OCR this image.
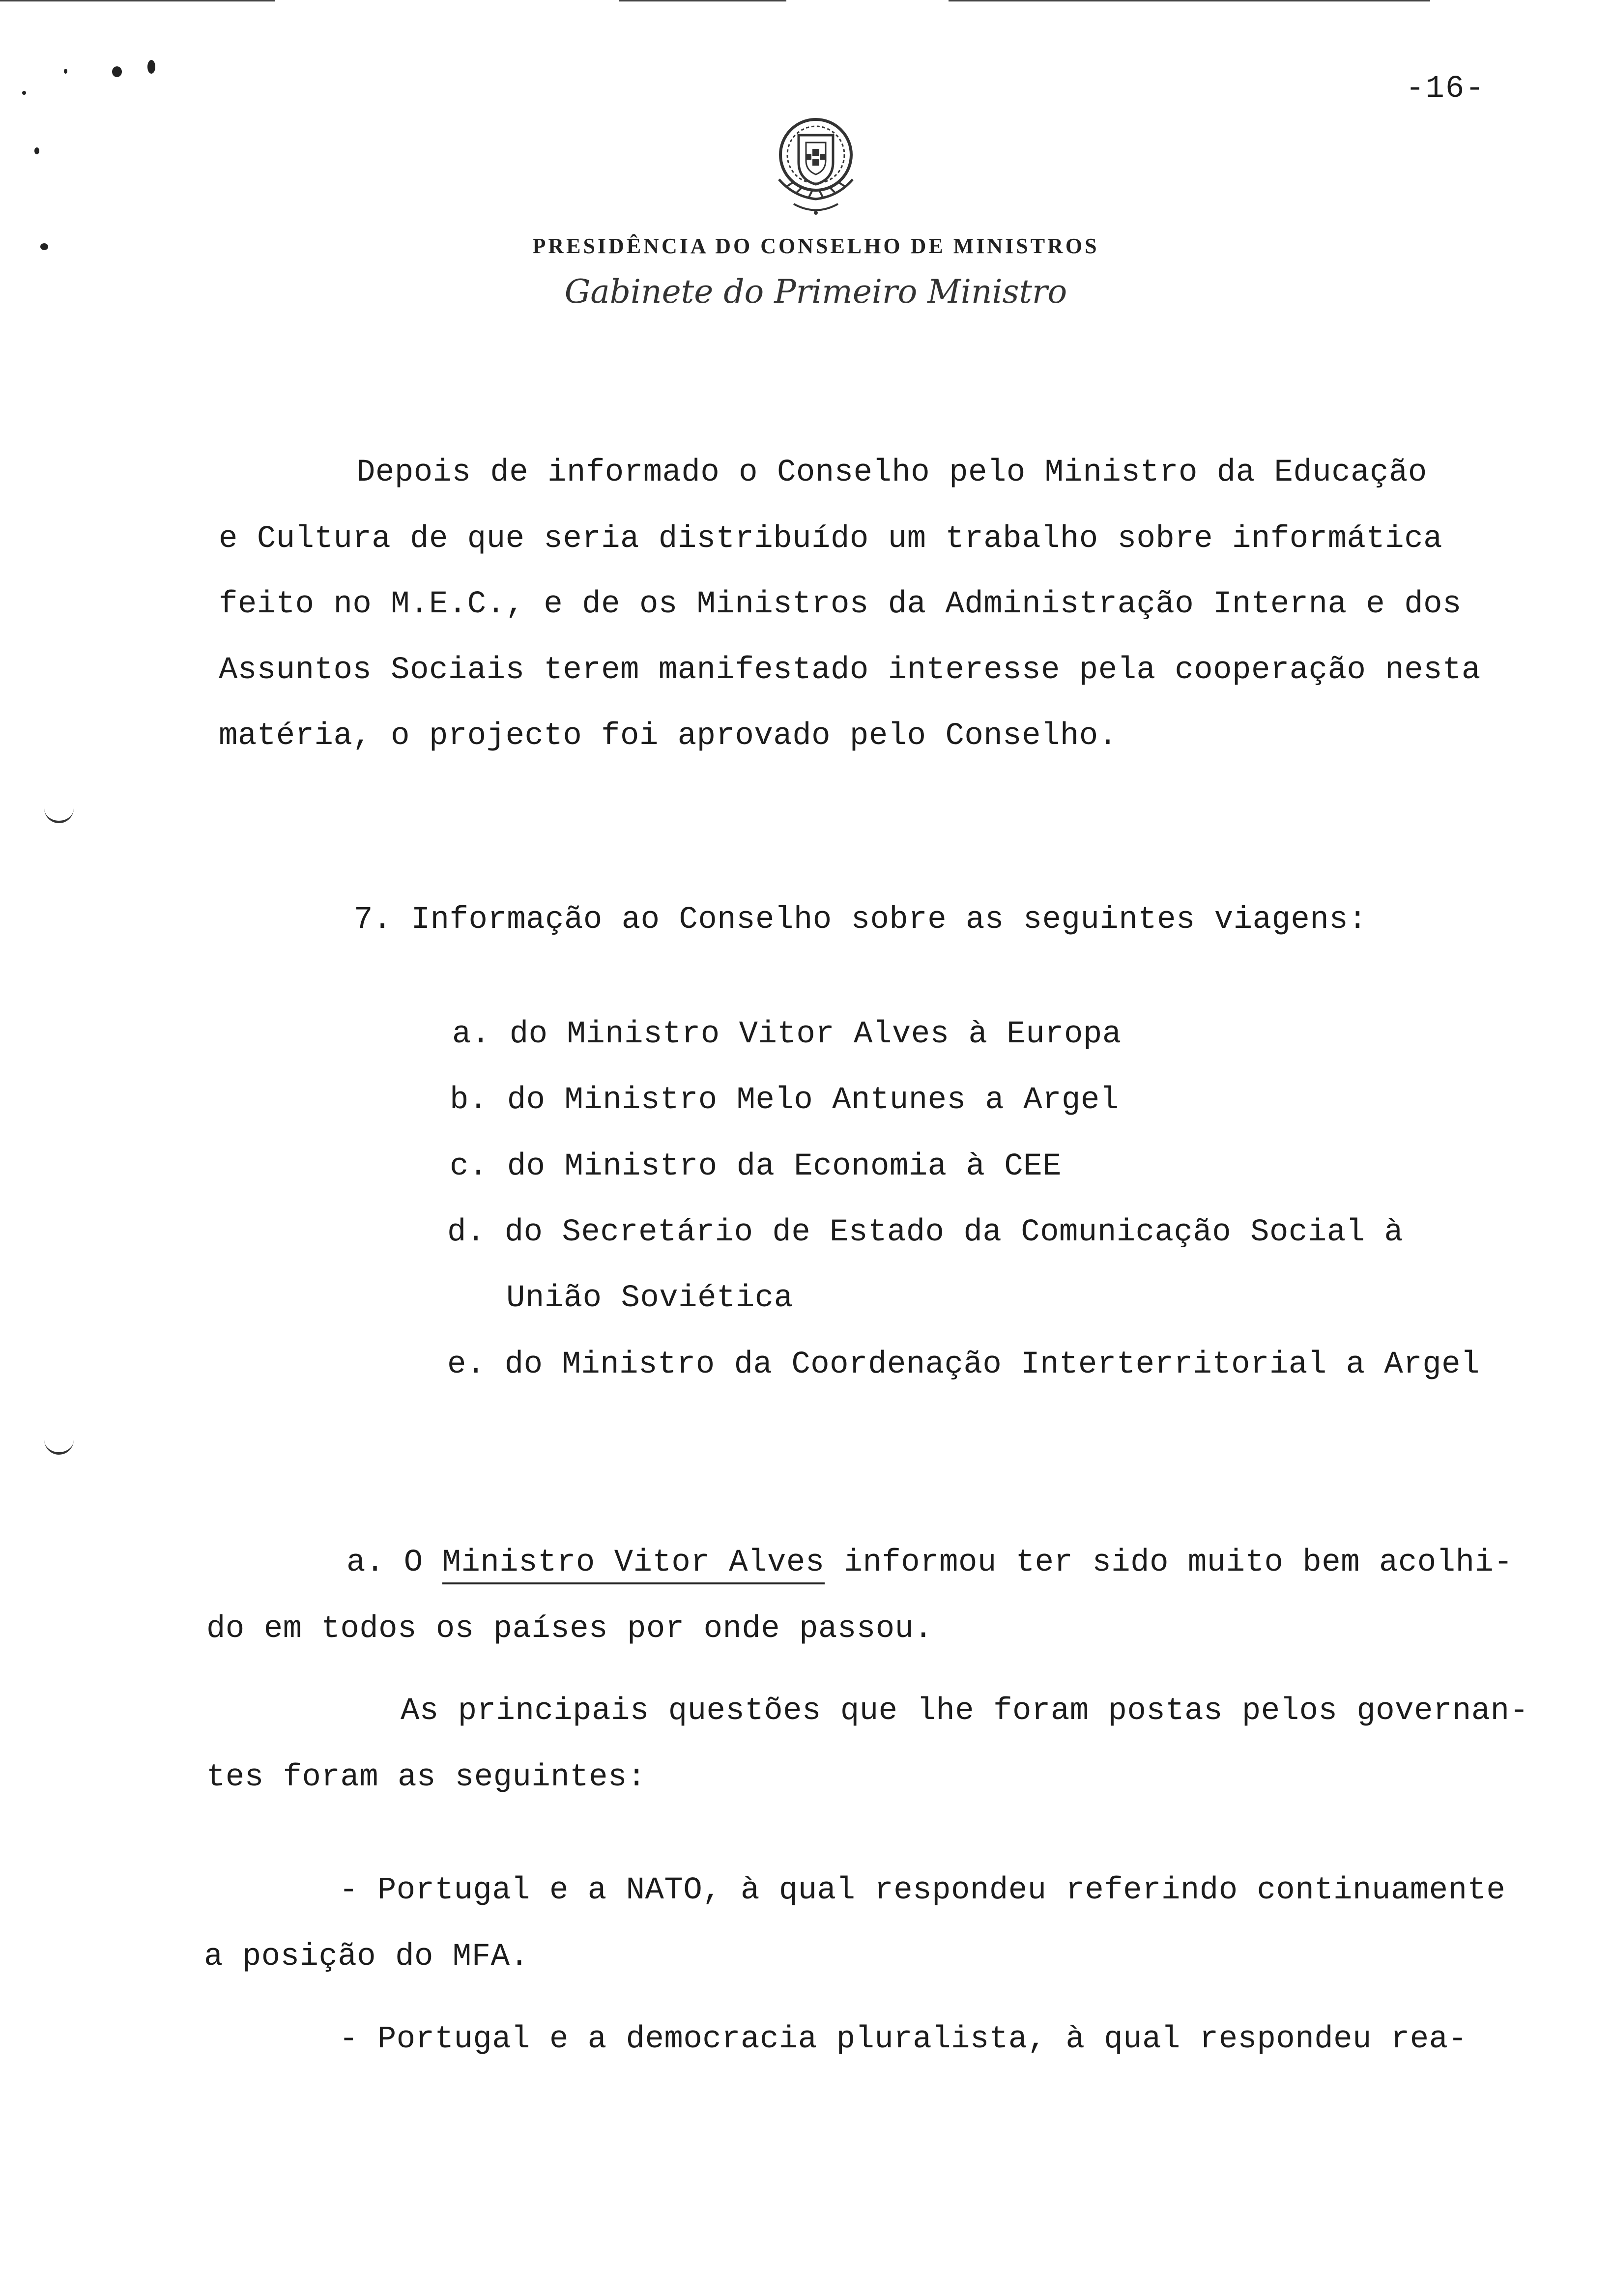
-16-
PRESIDÊNCIA DO CONSELHO DE MINISTROS
Gabinete do Primeiro Ministro
Depois de informado o Conselho pelo Ministro da Educação
e Cultura de que seria distribuído um trabalho sobre informática
feito no M.E.C., e de os Ministros da Administração Interna e dos
Assuntos Sociais terem manifestado interesse pela cooperação nesta
matéria, o projecto foi aprovado pelo Conselho.
7. Informação ao Conselho sobre as seguintes viagens:
a. do Ministro Vitor Alves à Europa
b. do Ministro Melo Antunes a Argel
c. do Ministro da Economia à CEE
d. do Secretário de Estado da Comunicação Social à
União Soviética
e. do Ministro da Coordenação Interterritorial a Argel
a. O Ministro Vitor Alves informou ter sido muito bem acolhi-
do em todos os países por onde passou.
As principais questões que lhe foram postas pelos governan-
tes foram as seguintes:
- Portugal e a NATO, à qual respondeu referindo continuamente
a posição do MFA.
- Portugal e a democracia pluralista, à qual respondeu rea-
